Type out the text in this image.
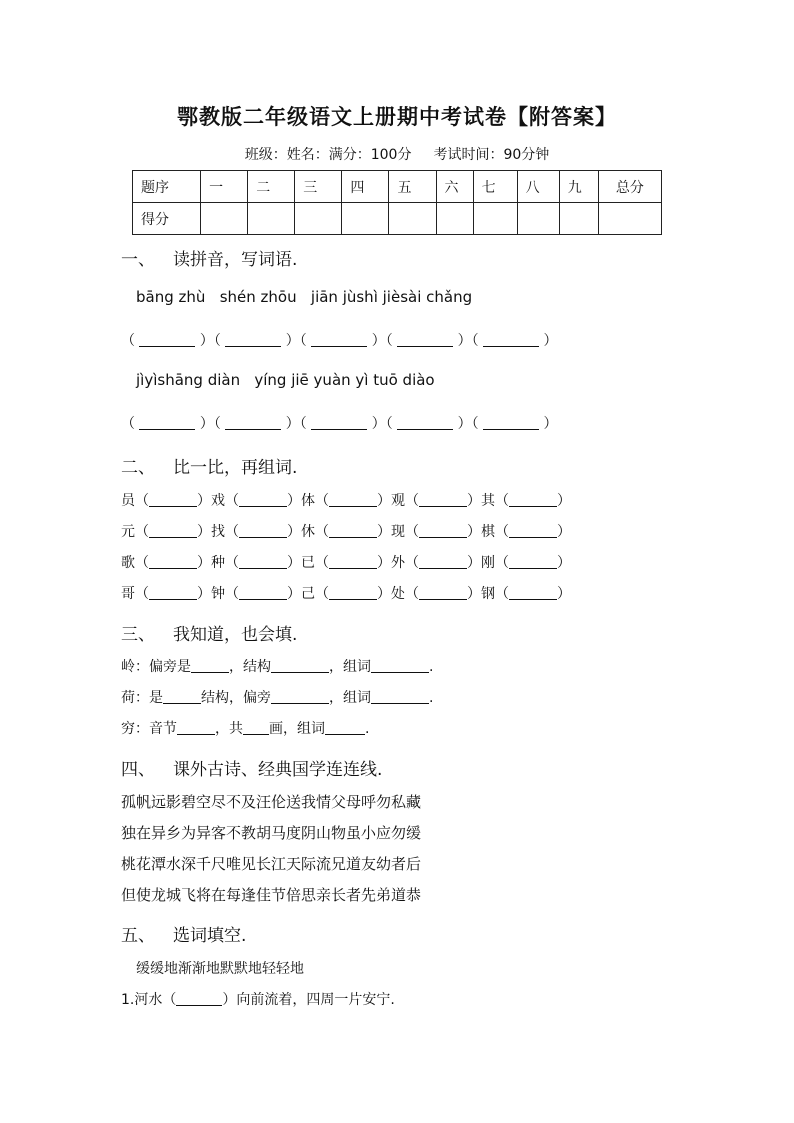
鄂教版二年级语文上册期中考试卷【附答案】
班级：姓名：满分：100分 考试时间：90分钟
题序	一	二	三	四	五	六	七	八	九	总分
得分										
一、 读拼音，写词语.
bāng zhù   shén zhōu   jiān jùshì jièsài chǎng
（	）（	）（	）（	）（	）
jìyìshāng diàn   yíng jiē yuàn yì tuō diào
（	）（	）（	）（	）（	）
二、 比一比，再组词.
员（	）戏（	）体（	）观（	）其（	）
元（	）找（	）休（	）现（	）棋（	）
歌（	）种（	）已（	）外（	）刚（	）
哥（	）钟（	）己（	）处（	）钢（	）
三、 我知道，也会填.
岭：偏旁是	，结构	，组词	.
荷：是	结构，偏旁	，组词	.
穷：音节	，共 画，组词	.
四、 课外古诗、经典国学连连线.
孤帆远影碧空尽不及汪伦送我情父母呼勿私藏
独在异乡为异客不教胡马度阴山物虽小应勿缓
桃花潭水深千尺唯见长江天际流兄道友幼者后
但使龙城飞将在每逢佳节倍思亲长者先弟道恭
五、 选词填空.
缓缓地渐渐地默默地轻轻地
1.河水（	）向前流着，四周一片安宁.
